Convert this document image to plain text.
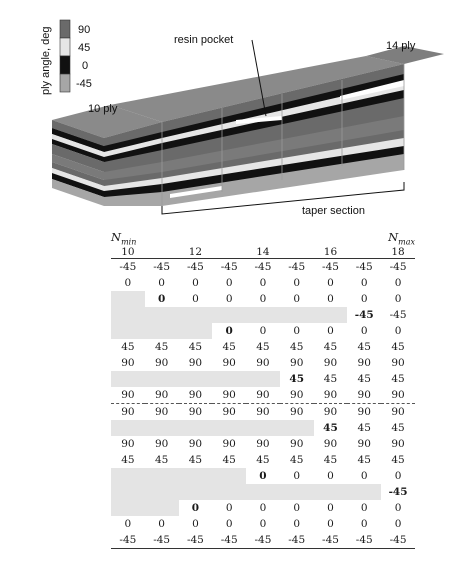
90
45
0
-45
ply angle, deg
10 ply
14 ply
resin pocket
taper section
$N_{min}$							$N_{max}$
10		12		14		16		18
-45	-45	-45	-45	-45	-45	-45	-45	-45
0	0	0	0	0	0	0	0	0
	0	0	0	0	0	0	0	0
							-45	-45
			0	0	0	0	0	0
45	45	45	45	45	45	45	45	45
90	90	90	90	90	90	90	90	90
					45	45	45	45
90	90	90	90	90	90	90	90	90
90	90	90	90	90	90	90	90	90
						45	45	45
90	90	90	90	90	90	90	90	90
45	45	45	45	45	45	45	45	45
				0	0	0	0	0
								-45
		0	0	0	0	0	0	0
0	0	0	0	0	0	0	0	0
-45	-45	-45	-45	-45	-45	-45	-45	-45
